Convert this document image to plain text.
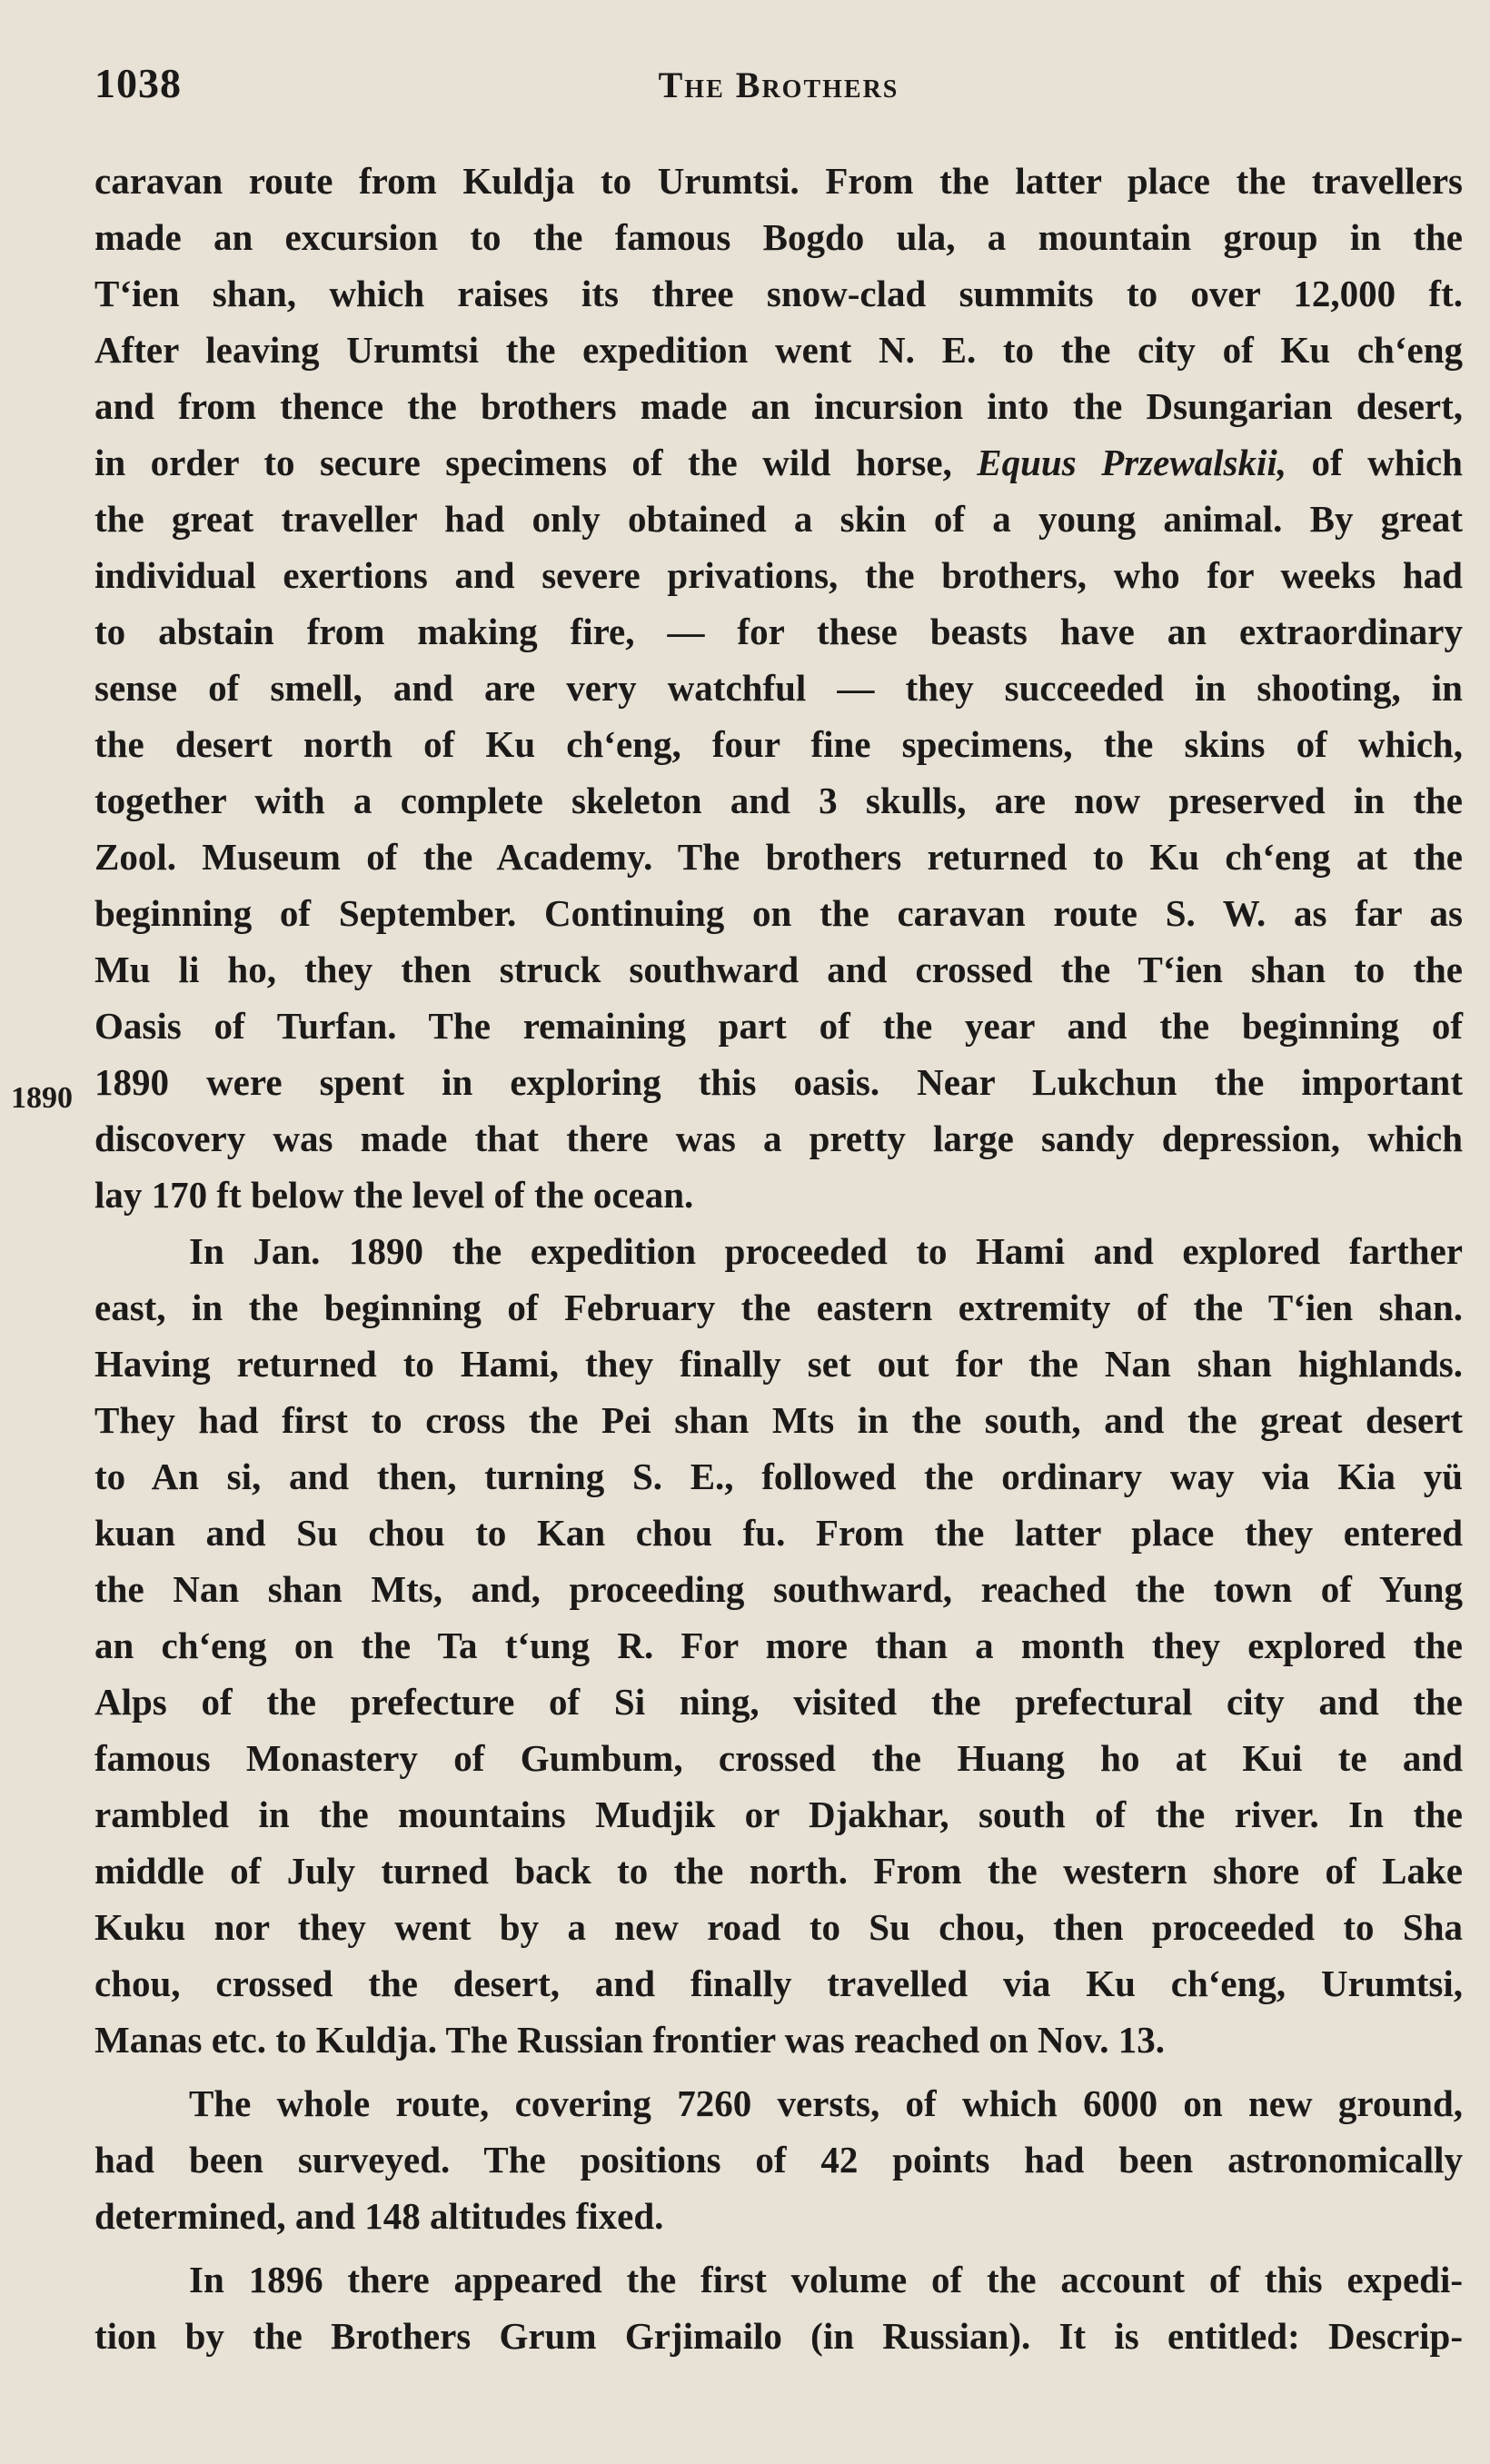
1038	The Brothers
1890
caravan route from Kuldja to Urumtsi. From the latter place the travellers
made an excursion to the famous Bogdo ula, a mountain group in the
Tʻien shan, which raises its three snow-clad summits to over 12,000 ft.
After leaving Urumtsi the expedition went N. E. to the city of Ku chʻeng
and from thence the brothers made an incursion into the Dsungarian desert,
in order to secure specimens of the wild horse, Equus Przewalskii, of which
the great traveller had only obtained a skin of a young animal. By great
individual exertions and severe privations, the brothers, who for weeks had
to abstain from making fire, — for these beasts have an extraordinary
sense of smell, and are very watchful — they succeeded in shooting, in
the desert north of Ku chʻeng, four fine specimens, the skins of which,
together with a complete skeleton and 3 skulls, are now preserved in the
Zool. Museum of the Academy. The brothers returned to Ku chʻeng at the
beginning of September. Continuing on the caravan route S. W. as far as
Mu li ho, they then struck southward and crossed the Tʻien shan to the
Oasis of Turfan. The remaining part of the year and the beginning of
1890 were spent in exploring this oasis. Near Lukchun the important
discovery was made that there was a pretty large sandy depression, which
lay 170 ft below the level of the ocean.
In Jan. 1890 the expedition proceeded to Hami and explored farther
east, in the beginning of February the eastern extremity of the Tʻien shan.
Having returned to Hami, they finally set out for the Nan shan highlands.
They had first to cross the Pei shan Mts in the south, and the great desert
to An si, and then, turning S. E., followed the ordinary way via Kia yü
kuan and Su chou to Kan chou fu. From the latter place they entered
the Nan shan Mts, and, proceeding southward, reached the town of Yung
an chʻeng on the Ta tʻung R. For more than a month they explored the
Alps of the prefecture of Si ning, visited the prefectural city and the
famous Monastery of Gumbum, crossed the Huang ho at Kui te and
rambled in the mountains Mudjik or Djakhar, south of the river. In the
middle of July turned back to the north. From the western shore of Lake
Kuku nor they went by a new road to Su chou, then proceeded to Sha
chou, crossed the desert, and finally travelled via Ku chʻeng, Urumtsi,
Manas etc. to Kuldja. The Russian frontier was reached on Nov. 13.
The whole route, covering 7260 versts, of which 6000 on new ground,
had been surveyed. The positions of 42 points had been astronomically
determined, and 148 altitudes fixed.
In 1896 there appeared the first volume of the account of this expedi-
tion by the Brothers Grum Grjimailo (in Russian). It is entitled: Descrip-
